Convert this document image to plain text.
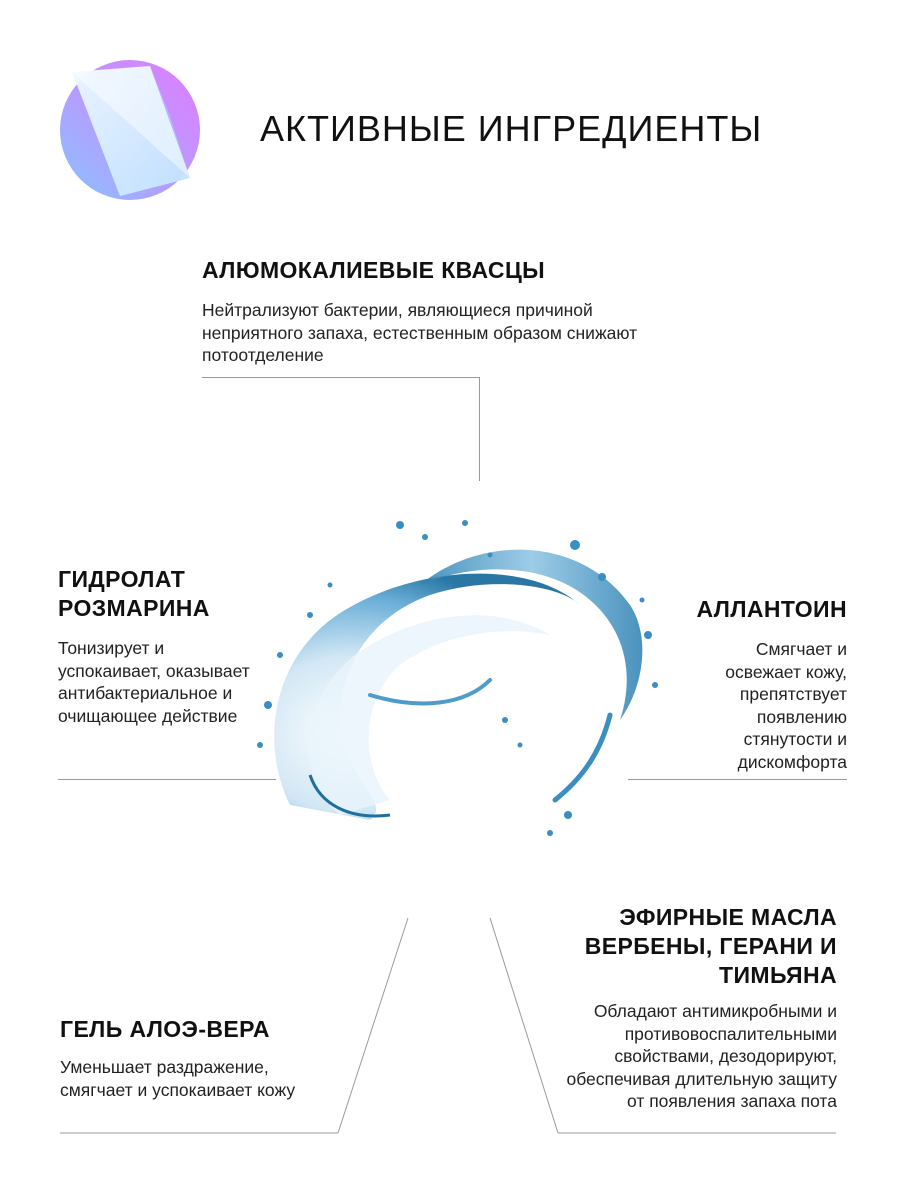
АКТИВНЫЕ ИНГРЕДИЕНТЫ
АЛЮМОКАЛИЕВЫЕ КВАСЦЫ

Нейтрализуют бактерии, являющиеся причиной неприятного запаха, естественным образом снижают потоотделение

ГИДРОЛАТ РОЗМАРИНА

Тонизирует и успокаивает, оказывает антибактериальное и очищающее действие

АЛЛАНТОИН

Смягчает и освежает кожу, препятствует появлению стянутости и дискомфорта

ГЕЛЬ АЛОЭ-ВЕРА

Уменьшает раздражение, смягчает и успокаивает кожу

ЭФИРНЫЕ МАСЛА ВЕРБЕНЫ, ГЕРАНИ И ТИМЬЯНА

Обладают антимикробными и противовоспалительными свойствами, дезодорируют, обеспечивая длительную защиту от появления запаха пота
